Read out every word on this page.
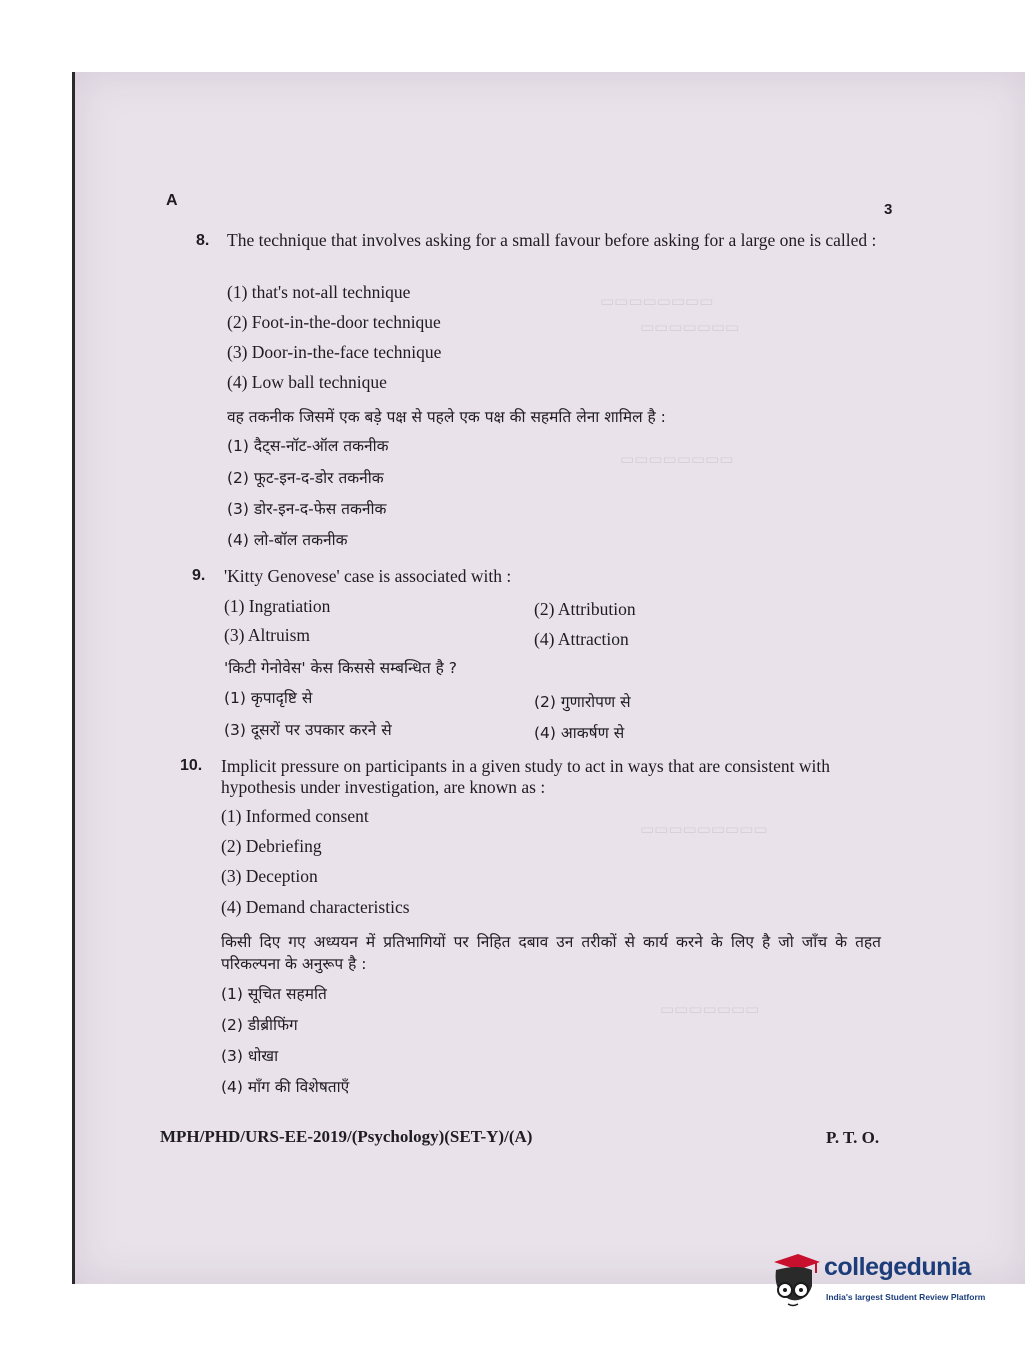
▭▭▭▭▭▭▭▭
▭▭▭▭▭▭▭
▭▭▭▭▭▭▭▭
▭▭▭▭▭▭▭▭▭
▭▭▭▭▭▭▭
A
3
8. The technique that involves asking for a small favour before asking for a large one is called :
(1) that's not-all technique
(2) Foot-in-the-door technique
(3) Door-in-the-face technique
(4) Low ball technique
वह तकनीक जिसमें एक बड़े पक्ष से पहले एक पक्ष की सहमति लेना शामिल है :
(1) दैट्स-नॉट-ऑल तकनीक
(2) फूट-इन-द-डोर तकनीक
(3) डोर-इन-द-फेस तकनीक
(4) लो-बॉल तकनीक
9. 'Kitty Genovese' case is associated with :
(1) Ingratiation	(2) Attribution
(3) Altruism	(4) Attraction
'किटी गेनोवेस' केस किससे सम्बन्धित है ?
(1) कृपादृष्टि से	(2) गुणारोपण से
(3) दूसरों पर उपकार करने से	(4) आकर्षण से
10. Implicit pressure on participants in a given study to act in ways that are consistent with hypothesis under investigation, are known as :
(1) Informed consent
(2) Debriefing
(3) Deception
(4) Demand characteristics
किसी दिए गए अध्ययन में प्रतिभागियों पर निहित दबाव उन तरीकों से कार्य करने के लिए है जो जाँच के तहत परिकल्पना के अनुरूप है :
(1) सूचित सहमति
(2) डीब्रीफिंग
(3) धोखा
(4) माँग की विशेषताएँ
MPH/PHD/URS-EE-2019/(Psychology)(SET-Y)/(A)	P. T. O.
collegedunia
India's largest Student Review Platform
